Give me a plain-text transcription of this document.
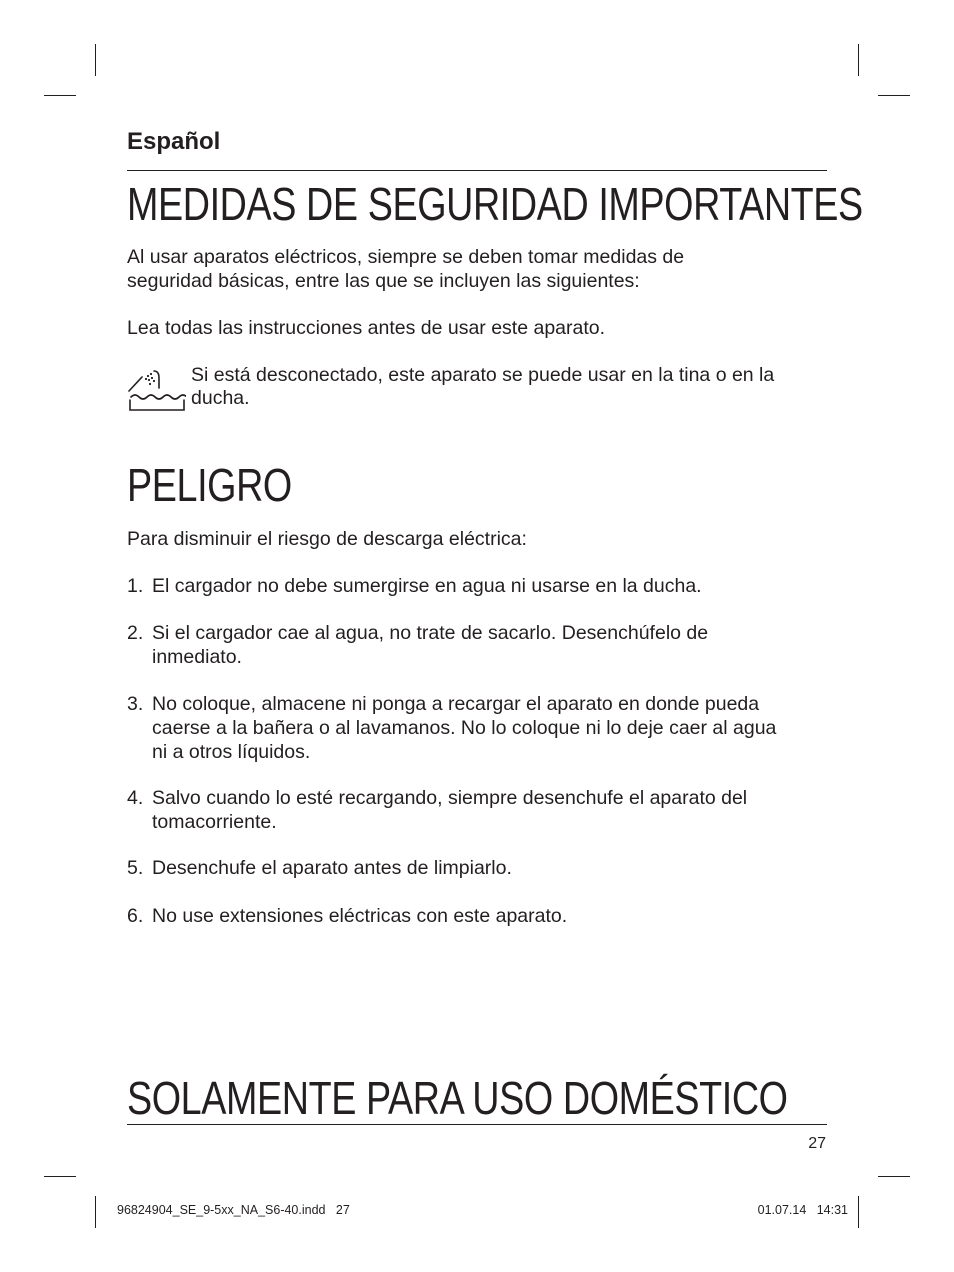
Español
MEDIDAS DE SEGURIDAD IMPORTANTES
Al usar aparatos eléctricos, siempre se deben tomar medidas de seguridad básicas, entre las que se incluyen las siguientes:
Lea todas las instrucciones antes de usar este aparato.
Si está desconectado, este aparato se puede usar en la tina o en la ducha.
PELIGRO
Para disminuir el riesgo de descarga eléctrica:
1. El cargador no debe sumergirse en agua ni usarse en la ducha.
2. Si el cargador cae al agua, no trate de sacarlo. Desenchúfelo de inmediato.
3. No coloque, almacene ni ponga a recargar el aparato en donde pueda caerse a la bañera o al lavamanos. No lo coloque ni lo deje caer al agua ni a otros líquidos.
4. Salvo cuando lo esté recargando, siempre desenchufe el aparato del tomacorriente.
5. Desenchufe el aparato antes de limpiarlo.
6. No use extensiones eléctricas con este aparato.
SOLAMENTE PARA USO DOMÉSTICO
27
96824904_SE_9-5xx_NA_S6-40.indd   27	01.07.14   14:31
